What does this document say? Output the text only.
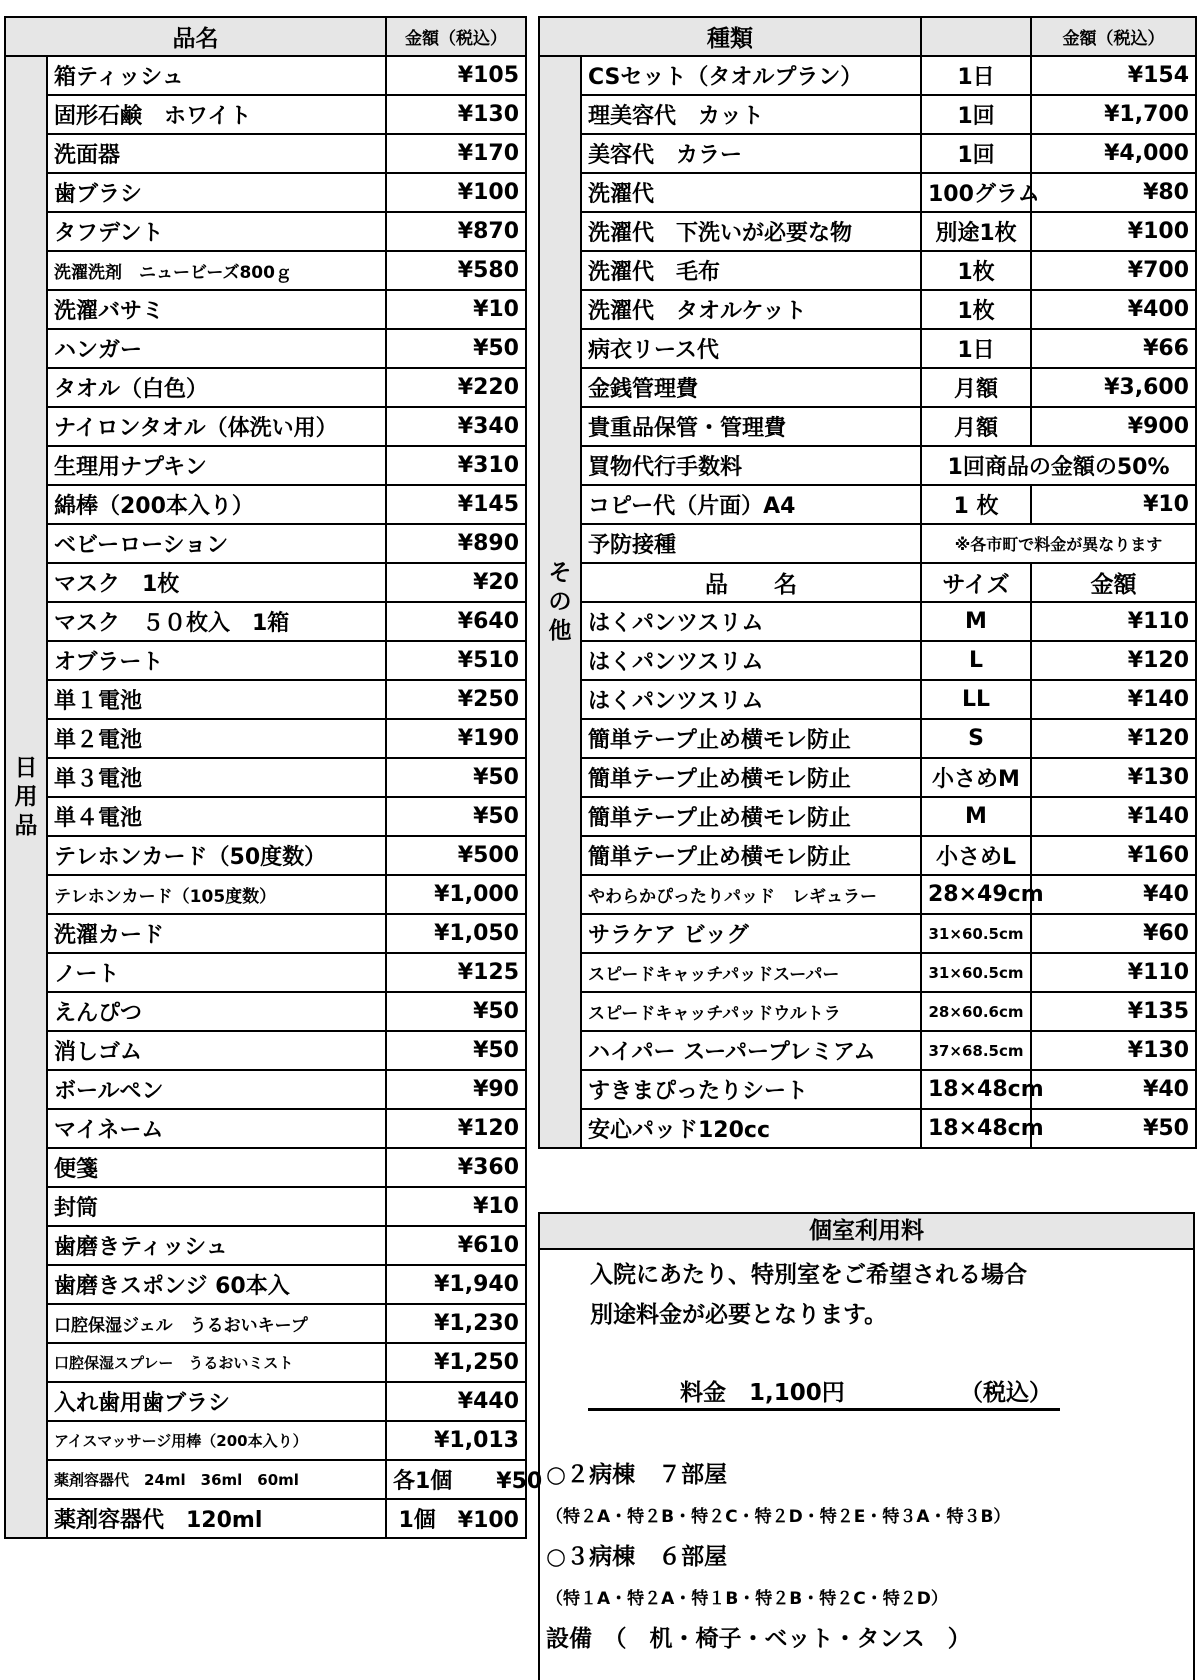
品名		金額（税込）

日
用
品	箱ティッシュ	¥105
	固形石鹸　ホワイト	¥130
	洗面器	¥170
	歯ブラシ	¥100
	タフデント	¥870
	洗濯洗剤　ニュービーズ800ｇ	¥580
	洗濯バサミ	¥10
	ハンガー	¥50
	タオル（白色）	¥220
	ナイロンタオル（体洗い用）	¥340
	生理用ナプキン	¥310
	綿棒（200本入り）	¥145
	ベビーローション	¥890
	マスク　1枚	¥20
	マスク　５０枚入　1箱	¥640
	オブラート	¥510
	単１電池	¥250
	単２電池	¥190
	単３電池	¥50
	単４電池	¥50
	テレホンカード（50度数）	¥500
	テレホンカード（105度数）	¥1,000
	洗濯カード	¥1,050
	ノート	¥125
	えんぴつ	¥50
	消しゴム	¥50
	ボールペン	¥90
	マイネーム	¥120
	便箋	¥360
	封筒	¥10
	歯磨きティッシュ	¥610
	歯磨きスポンジ 60本入	¥1,940
	口腔保湿ジェル　うるおいキープ	¥1,230
	口腔保湿スプレー　うるおいミスト	¥1,250
	入れ歯用歯ブラシ	¥440
	アイスマッサージ用棒（200本入り）	¥1,013
	薬剤容器代　24ml　36ml　60ml	各1個　　¥50
	薬剤容器代　120ml	1個　¥100
種類			金額（税込）

そ
の
他	CSセット（タオルプラン）	1日	¥154
	理美容代　カット	1回	¥1,700
	美容代　カラー	1回	¥4,000
	洗濯代	100グラム	¥80
	洗濯代　下洗いが必要な物	別途1枚	¥100
	洗濯代　毛布	1枚	¥700
	洗濯代　タオルケット	1枚	¥400
	病衣リース代	1日	¥66
	金銭管理費	月額	¥3,600
	貴重品保管・管理費	月額	¥900
	買物代行手数料	1回商品の金額の50%	
	コピー代（片面）A4	1 枚	¥10
	予防接種	※各市町で料金が異なります	
	品　　名	サイズ	金額
	はくパンツスリム	M	¥110
	はくパンツスリム	L	¥120
	はくパンツスリム	LL	¥140
	簡単テープ止め横モレ防止	S	¥120
	簡単テープ止め横モレ防止	小さめM	¥130
	簡単テープ止め横モレ防止	M	¥140
	簡単テープ止め横モレ防止	小さめL	¥160
	やわらかぴったりパッド　レギュラー	28×49cm	¥40
	サラケア ビッグ	31×60.5cm	¥60
	スピードキャッチパッドスーパー	31×60.5cm	¥110
	スピードキャッチパッドウルトラ	28×60.6cm	¥135
	ハイパー スーパープレミアム	37×68.5cm	¥130
	すきまぴったりシート	18×48cm	¥40
	安心パッド120cc	18×48cm	¥50
個室利用料
入院にあたり、特別室をご希望される場合
別途料金が必要となります。
料金　1,100円	（税込）
○２病棟　７部屋
（特２A・特２B・特２C・特２D・特２E・特３A・特３B）
○３病棟　６部屋
（特１A・特２A・特１B・特２B・特２C・特２D）
設備　（　机・椅子・ベット・タンス　）
